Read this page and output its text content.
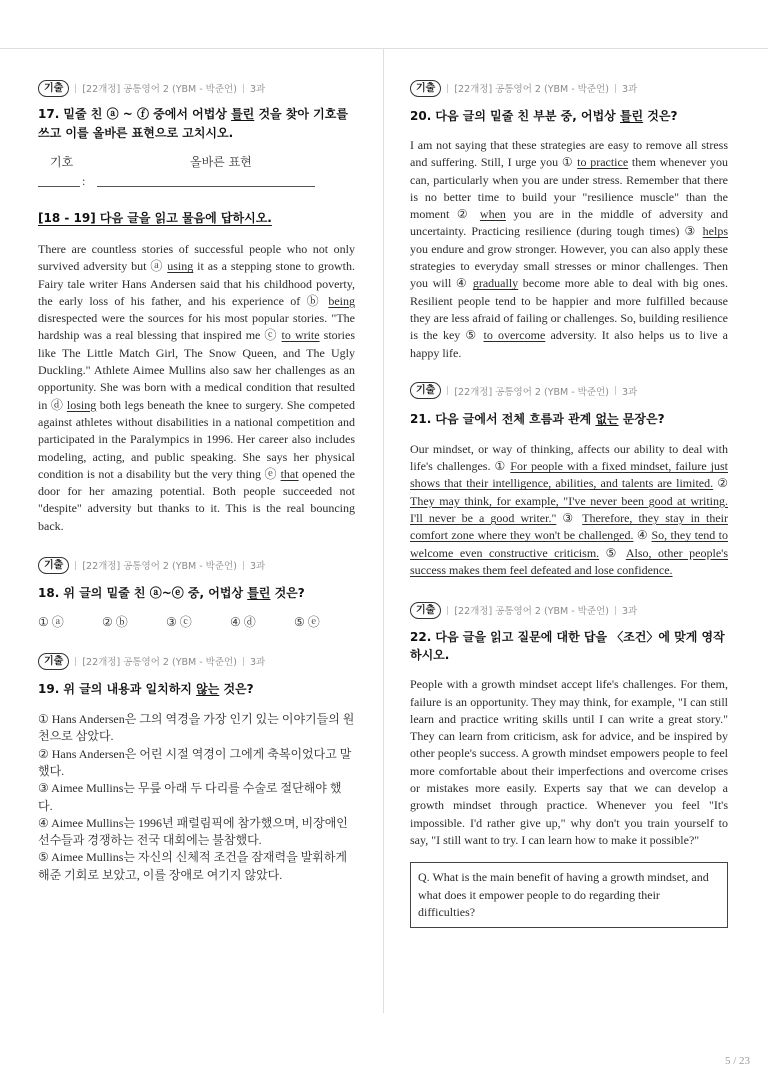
기출	[22개정] 공통영어 2 (YBM - 박준언) 3과
17. 밑줄 친 ⓐ ~ ⓕ 중에서 어법상 틀린 것을 찾아 기호를 쓰고 이를 올바른 표현으로 고치시오.
기호	올바른 표현
:
[18 - 19] 다음 글을 읽고 물음에 답하시오.
There are countless stories of successful people who not only survived adversity but ⓐ using it as a stepping stone to growth. Fairy tale writer Hans Andersen said that his childhood poverty, the early loss of his father, and his experience of ⓑ being disrespected were the sources for his most popular stories. "The hardship was a real blessing that inspired me ⓒ to write stories like The Little Match Girl, The Snow Queen, and The Ugly Duckling." Athlete Aimee Mullins also saw her challenges as an opportunity. She was born with a medical condition that resulted in ⓓ losing both legs beneath the knee to surgery. She competed against athletes without disabilities in a national competition and participated in the Paralympics in 1996. Her career also includes modeling, acting, and public speaking. She says her physical condition is not a disability but the very thing ⓔ that opened the door for her amazing potential. Both people succeeded not "despite" adversity but thanks to it. This is the real bouncing back.
기출	[22개정] 공통영어 2 (YBM - 박준언) 3과
18. 위 글의 밑줄 친 ⓐ~ⓔ 중, 어법상 틀린 것은?
① ⓐ	② ⓑ	③ ⓒ	④ ⓓ	⑤ ⓔ
기출	[22개정] 공통영어 2 (YBM - 박준언) 3과
19. 위 글의 내용과 일치하지 않는 것은?
① Hans Andersen은 그의 역경을 가장 인기 있는 이야기들의 원천으로 삼았다.
② Hans Andersen은 어린 시절 역경이 그에게 축복이었다고 말했다.
③ Aimee Mullins는 무릎 아래 두 다리를 수술로 절단해야 했다.
④ Aimee Mullins는 1996년 패럴림픽에 참가했으며, 비장애인 선수들과 경쟁하는 전국 대회에는 불참했다.
⑤ Aimee Mullins는 자신의 신체적 조건을 잠재력을 발휘하게 해준 기회로 보았고, 이를 장애로 여기지 않았다.
기출	[22개정] 공통영어 2 (YBM - 박준언) 3과
20. 다음 글의 밑줄 친 부분 중, 어법상 틀린 것은?
I am not saying that these strategies are easy to remove all stress and suffering. Still, I urge you ① to practice them whenever you can, particularly when you are under stress. Remember that there is no better time to build your "resilience muscle" than the moment ② when you are in the middle of adversity and uncertainty. Practicing resilience (during tough times) ③ helps you endure and grow stronger. However, you can also apply these strategies to everyday small stresses or minor challenges. Then you will ④ gradually become more able to deal with big ones. Resilient people tend to be happier and more fulfilled because they are less afraid of failing or challenges. So, building resilience is the key ⑤ to overcome adversity. It also helps us to live a happy life.
기출	[22개정] 공통영어 2 (YBM - 박준언) 3과
21. 다음 글에서 전체 흐름과 관계 없는 문장은?
Our mindset, or way of thinking, affects our ability to deal with life's challenges. ① For people with a fixed mindset, failure just shows that their intelligence, abilities, and talents are limited. ② They may think, for example, "I've never been good at writing. I'll never be a good writer." ③ Therefore, they stay in their comfort zone where they won't be challenged. ④ So, they tend to welcome even constructive criticism. ⑤ Also, other people's success makes them feel defeated and lose confidence.
기출	[22개정] 공통영어 2 (YBM - 박준언) 3과
22. 다음 글을 읽고 질문에 대한 답을 〈조건〉에 맞게 영작하시오.
People with a growth mindset accept life's challenges. For them, failure is an opportunity. They may think, for example, "I can still learn and practice writing skills until I can write a great story." They can learn from criticism, ask for advice, and be inspired by other people's success. A growth mindset empowers people to feel more comfortable about their imperfections and overcome crises or mistakes more easily. Experts say that we can develop a growth mindset through practice. Whenever you feel "It's impossible. I'd rather give up," why don't you train yourself to say, "I still want to try. I can learn how to make it possible?"
Q. What is the main benefit of having a growth mindset, and what does it empower people to do regarding their difficulties?
5 / 23
